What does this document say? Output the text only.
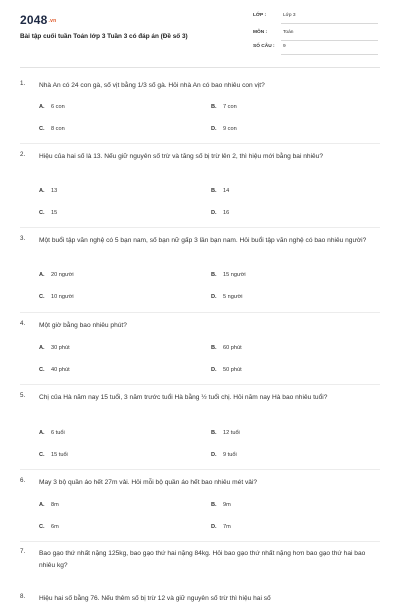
2048.vn
Bài tập cuối tuần Toán lớp 3 Tuần 3 có đáp án (Đề số 3)
LỚP :	Lớp 3
MÔN :	Toán
SỐ CÂU : 9
1. Nhà An có 24 con gà, số vịt bằng 1/3 số gà. Hỏi nhà An có bao nhiêu con vịt?
A. 6 con	B. 7 con
C. 8 con	D. 9 con
2. Hiệu của hai số là 13. Nếu giữ nguyên số trừ và tăng số bị trừ lên 2, thì hiệu mới bằng bai nhiêu?
A. 13	B. 14
C. 15	D. 16
3. Một buổi tập văn nghệ có 5 bạn nam, số bạn nữ gấp 3 lần bạn nam. Hỏi buổi tập văn nghệ có bao nhiêu người?
A. 20 người	B. 15 người
C. 10 người	D. 5 người
4. Một giờ bằng bao nhiêu phút?
A. 30 phút	B. 60 phút
C. 40 phút	D. 50 phút
5. Chị của Hà năm nay 15 tuổi, 3 năm trước tuổi Hà bằng ½ tuổi chị. Hỏi năm nay Hà bao nhiêu tuổi?
A. 6 tuổi	B. 12 tuổi
C. 15 tuổi	D. 9 tuổi
6. May 3 bộ quần áo hết 27m vải. Hỏi mỗi bộ quần áo hết bao nhiêu mét vải?
A. 8m	B. 9m
C. 6m	D. 7m
7. Bao gạo thứ nhất nặng 125kg, bao gạo thứ hai nặng 84kg. Hỏi bao gạo thứ nhất nặng hơn bao gạo thứ hai bao nhiêu kg?
8. Hiệu hai số bằng 76. Nếu thêm số bị trừ 12 và giữ nguyên số trừ thì hiệu hai số
